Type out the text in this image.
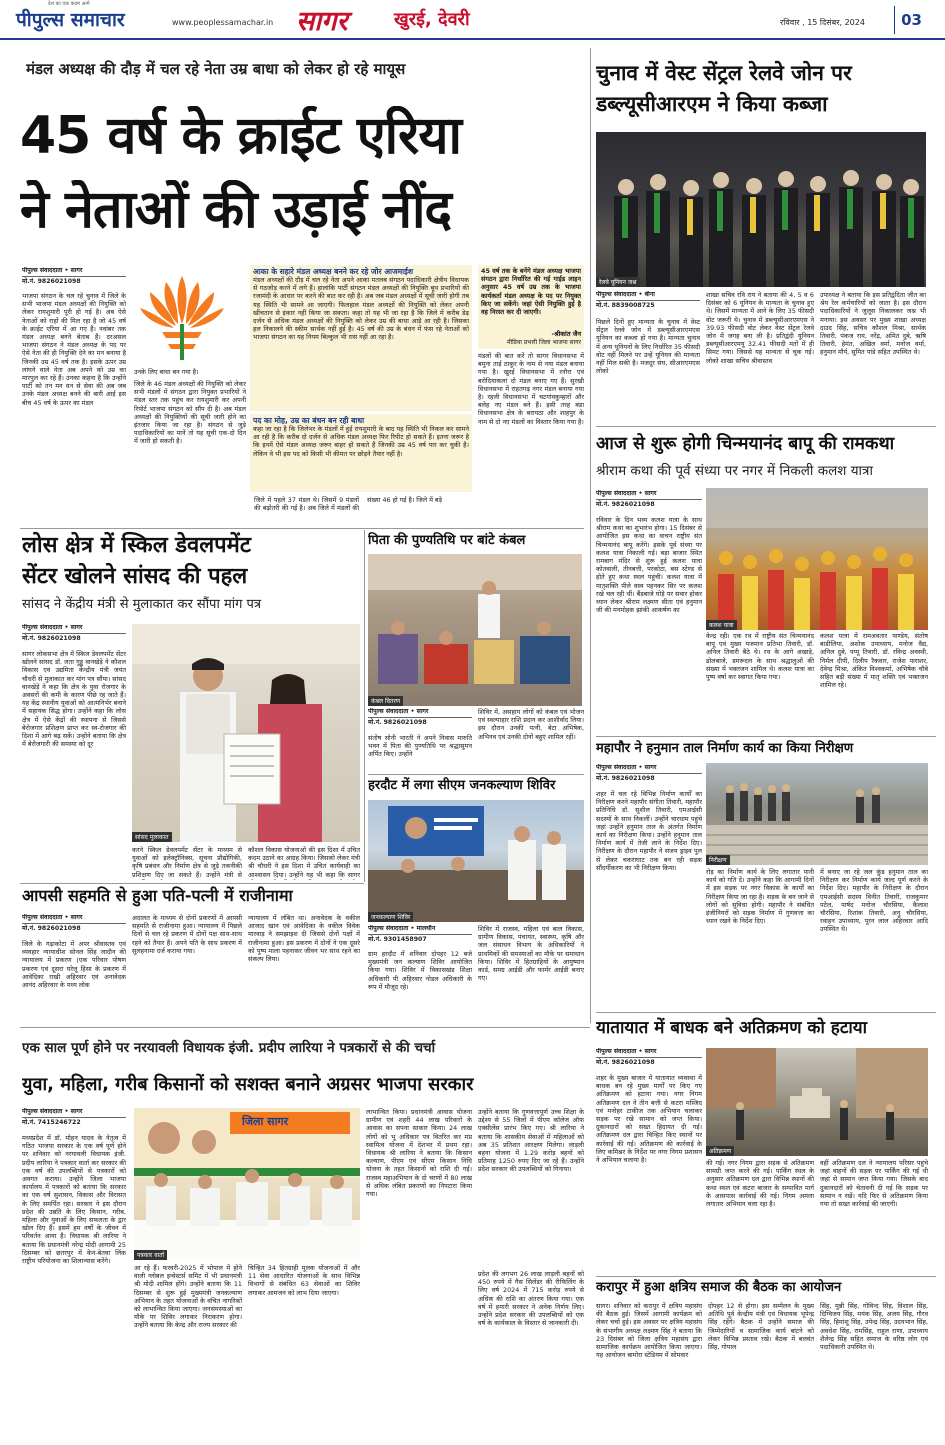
देश का एक कदम आगे
पीपुल्स समाचार	www.peoplessamachar.in सागर	खुरई, देवरी	रविवार , 15 दिसंबर, 2024	03
मंडल अध्यक्ष की दौड़ में चल रहे नेता उम्र बाधा को लेकर हो रहे मायूस
45 वर्ष के क्राईट एरिया
ने नेताओं की उड़ाई नींद
पीपुल्स संवाददाता • सागर
मो.नं. 9826021098
भाजपा संगठन के चल रहे चुनाव में जिले के सभी भाजपा मंडल अध्यक्षों की नियुक्ति को लेकर रायशुमारी पूरी हो गई है। अब ऐसे नेताओं को राहों की मिल रहा है जो 45 वर्ष के क्राईट एरिया में आ गए हैं। नवांबर तक मंडल अध्यक्ष बनने बेताब हैं। दरअसल भाजपा संगठन ने मंडल अध्यक्ष के पद पर ऐसे नेता की ही नियुक्ति देने का मन बनाया है जिनकी उम्र 45 वर्ष तक है। इसके ऊपर उम्र लांघने वाले नेता अब अपने को उम्र का मारपुल कर रहे हैं। उनका कहना है कि उन्होंने पार्टी को तन मन धन से सेवा की अब जब उनके मंडल अध्यक्ष बनने की बारी आई इस बीच 45 वर्ष के ऊपर का मंडल
उनके लिए बाधा बन गया है।
जिले के 46 मंडल अध्यक्षों की नियुक्ति को लेकर सभी मंडलों में संगठन द्वारा नियुक्त प्रभारियों ने मंडल स्तर तक पहुंच कर रायशुमारी कर अपनी रिपोर्ट भाजपा संगठन को सौंप दी है। अब मंडल अध्यक्षों की नियुक्तियों की सूची जारी होने का इंतजार किया जा रहा है। संगठन से जुड़े पदाधिकारियों का मानें तो यह सूची एक-दो दिन में जारी हो सकती है।
आका के सहारे मंडल अध्यक्ष बनने कर रहे जोर आजमाईश
मंडल अध्यक्षों की दौड़ में चल रहे नेता अपने आका मतलब संगठन पदाधिकारी क्षेत्रीय विधायक से गठजोड़ करने में लगे हैं। हालांकि पार्टी संगठन मंडल अध्यक्षों की नियुक्ति बूथ प्रभारियों की रजामंदी के आधार पर करने की बात कर रही है। अब जब मंडल अध्यक्षों में सूची जारी होगी तब यह स्थिति भी सामने आ जाएगी। फिलहाल मंडल अध्यक्षों की नियुक्ति को लेकर अपनी खींचतान से इंकार नहीं किया जा सकता। कहा तो यह भी जा रहा है कि जिले में करीब डेढ़ दर्जन से अधिक मंडल अध्यक्षों की नियुक्ति को लेकर उम्र की बाधा आड़े आ रही है। जिसका हल निकालने की स्कीम सार्थक नहीं हुई है। 45 वर्ष की उम्र के बंधन में फंस रहे नेताओं को भाजपा संगठन का यह नियम बिल्कुल भी रास नहीं आ रहा है।
पद का मोह, उम्र का बंधन बन रही बाधा
कहा जा रहा है कि जिलेभर के मंडलों में हुई रायशुमारी के बाद यह स्थिति भी निकल कर सामने आ रही है कि करीब दो दर्जन से अधिक मंडल अध्यक्ष फिर रिपीट हो सकते हैं। इतना जरूर है कि इनमें ऐसे मंडल अध्यक्ष जरूर बाहर हो सकते हैं जिनकी उम्र 45 वर्ष पार कर चुकी है। लेकिन वे भी इस पद को किसी भी कीमत पर छोड़ने तैयार नहीं है।
जिले में पहले 37 मंडल थे। जिसमें 9 मंडलों की बढ़ोतरी की गई है। अब जिले में मंडलों की संख्या 46 हो गई है। जिले में बड़े
45 वर्ष तक के बनेंगे मंडल अध्यक्ष भाजपा संगठन द्वारा निर्धारित की गई गाईड लाइन अनुसार 45 वर्ष उम्र तक के भाजपा कार्यकर्ता मंडल अध्यक्ष के पद पर नियुक्त किए जा सकेंगे। जहां ऐसी नियुक्ति हुई है वह निरस्त कर दी जाएगी।
-श्रीकांत जैन
मीडिया प्रभारी जिला भाजपा सागर
मंडलों की बात करें तो सागर विधानसभा में बमुना ताई ठाकुर के नाम से नया मंडल बनाया गया है। खुरई विधानसभा में रनौरा एवं बरोदियाकलां दो मंडल बनाए गए हैं। सुरखी विधानसभा में राहतगढ़ नगर मंडल बनाया गया है। रहली विधानसभा में चटगांवकुम्हारों और बलेह नए मंडल बने हैं। इसी तरह बंडा विधानसभा क्षेत्र के बरायठा और शाहपुर के नाम से दो नए मंडलों का विस्तार किया गया है।
चुनाव में वेस्ट सेंट्रल रेलवे जोन पर डब्ल्यूसीआरएम ने किया कब्जा
रेलवे यूनियन जश्न
पीपुल्स संवाददाता • बीना
मो.नं. 8839008725
पिछले दिनों हुए मान्यता के चुनाव में वेस्ट सेंट्रल रेलवे जोन में डब्ल्यूसीआरएमएस यूनियन का कब्जा हो गया है। मान्यता चुनाव में अन्य यूनियनों के लिए निर्धारित 35 फीसदी वोट नहीं मिलने पर उन्हें यूनियन की मान्यता नहीं मिल सकी है। मजदूर संघ, सीआरएमएस लोको
शाखा सचिव रवि राय ने बताया की 4, 5 व 6 दिसंबर को 6 यूनियन के मान्यता के चुनाव हुए थे। जिसमें मान्यता में आने के लिए 35 फीसदी वोट जरूरी थे। चुनाव में डब्ल्यूसीआरएमएस ने 39.93 फीसदी वोट लेकर वेस्ट सेंट्रल रेलवे जोन में जगह बना ली है। प्रतिद्वंदी यूनियन डब्ल्यूसीआरएमयू 32.41 फीसदी मतों में ही सिमट गया। जिससे यह मान्यता से चूक गई। लोको शाखा सचिव श्रीवास्तव
उपाध्यक्ष ने बताया कि इस प्रतिद्वंदिता जीत का श्रेय रेल कर्मचारियों को जाता है। इस दौरान पदाधिकारियों ने जुलूस निकालकर जश्न भी मनाया। इस अवसर पर मुख्य शाखा अध्यक्ष दाउद सिंह, सचिव कौशल मिश्रा, सार्थक तिवारी, पंकज राय, नरेंद्र, अमित दुबे, ऋषि तिवारी, हेमंत, अखिल वर्मा, मनोज वर्मा, हनुमान मौर्य, सुमित पांडे सहित उपस्थित थे।
आज से शुरू होगी चिन्मयानंद बापू की रामकथा
श्रीराम कथा की पूर्व संध्या पर नगर में निकली कलश यात्रा
पीपुल्स संवाददाता • सागर
मो.नं. 9826021098
रविवार के दिन भव्य कलश यात्रा के साथ श्रीराम कथा का शुभारंभ होगा। 15 दिसंबर से आयोजित इस कथा का वाचन राष्ट्रीय संत चिन्मयानंद बापू करेंगे। इसके पूर्व संध्या पर कलश यात्रा निकाली गई। बड़ा बाजार स्थित रामबाग मंदिर से शुरू हुई कलश यात्रा कोतवाली, तीनबत्ती, परकोटा, बस स्टेण्ड से होते हुए कथा स्थल पहुंची। कलश यात्रा में मातृशक्ति पीले वस्त्र पहनकर सिर पर कलश रखे चल रही थीं। बैंडबाजे घोड़े पर सवार होकर ध्यान लेकर श्रीराम लक्ष्मण सीता एवं हनुमान जी की मनमोहक झांकी आकर्षण का
कलश यात्रा
केन्द्र रही। एक रथ में राष्ट्रीय संत चिन्मयानंद बापू एवं मुख्य यजमान प्रतिभा तिवारी, डॉ. अनिल तिवारी बैठे थे। रथ के आगे अखाड़े, ढोलबाजे, डमरूदल के साथ श्रद्धालुओं की संख्या में भक्तजन शामिल थे। कलश यात्रा का पुष्प वर्षा कर स्वागत किया गया।
कलश यात्रा में रामअवतार पाण्डेय, संतोष बाडीलिया, अशोक उपाध्याय, मनोज वैद्य, अनिल दुबे, पप्पू तिवारी, डॉ. रविन्द्र अवस्थी, निर्मल दीपी, दिलीप रैकवार, राजेश पाराशर, देवेन्द्र मिश्रा, अंकित विश्वकर्मा, अभिषेक चौबे सहित बड़ी संख्या में मातृ शक्ति एवं भक्तजन शामिल रहे।
महापौर ने हनुमान ताल निर्माण कार्य का किया निरीक्षण
पीपुल्स संवाददाता • सागर
मो.नं. 9826021098
शहर में चल रहे विभिन्न निर्माण कार्यों का निरीक्षण करने महापौर संगीता तिवारी, महापौर प्रतिनिधि डॉ. सुशील तिवारी, एमआईसी सदस्यों के साथ निकलीं। उन्होंने चारधाम पहुंचे जहां उन्होंने हनुमान ताल के अंतर्गत निर्माण कार्य का निरीक्षण किया। उन्होंने हनुमान ताल निर्माण कार्य में तेजी लाने के निर्देश दिए। निरीक्षण के दौरान महापौर ने संजय ड्राइव पुल से लेकर चकराघाट तक बन रही सड़क सौंदर्यीकरण का भी निरीक्षण किया।
निरीक्षण
रोड़ का निर्माण कार्य के लिए लगातार पानी कार्य को गति दें। उन्होंने कहा कि आगामी दिनों में इस सड़क पर नगर विकास के कार्यों का निरीक्षण किया जा रहा है। सड़क के बन जाने से लोगों को सुविधा होगी। महापौर ने संबंधित इंजीनियरों को सड़क निर्माण में गुणवत्ता का ध्यान रखने के निर्देश दिए।
में बनाए जा रहे जल कुंड हनुमान ताल का निरीक्षण कर निर्माण कार्य जल्द पूर्ण करने के निर्देश दिए। महापौर के निरीक्षण के दौरान एमआईसी सदस्य विनीत तिवारी, राजकुमार पटेल, पार्षद मनोज चौरसिया, कैलाश चौरसिया, रिशांक तिवारी, अनु चौरसिया, रवाहन उपाध्याय, पूरन लाल अहिरवार आदि उपस्थित थे।
यातायात में बाधक बने अतिक्रमण को हटाया
पीपुल्स संवाददाता • सागर
मो.नं. 9826021098
शहर के मुख्य बाजार में यातायात व्यवस्था में बाधक बन रहे मुख्य मार्गों पर किए गए अतिक्रमण को हटाया गया। नगर निगम अतिक्रमण दल ने तीन बत्ती से कटरा मस्जिद एवं मनोहर टाकीज तक अभियान चलाकर सड़क पर रखे सामान को जप्त किया। दुकानदारों को सख्त हिदायत दी गई। अतिक्रमण दल द्वारा चिन्हित किए स्थानों पर कार्रवाई की गई। अतिक्रमण की कार्रवाई के लिए कमिश्नर के निर्देश पर नगर निगम प्रशासन ने अभियान चलाया है।
अतिक्रमण
की गई। नगर निगम द्वारा सड़क से अतिक्रमण सामग्री जप्त करने की गई। पार्किंग स्थल के अनुसार अतिक्रमण दल द्वारा विभिन्न स्थानों की कथा स्थल एवं कटरा बाजार के सम्पावित मार्ग के आसपास कार्रवाई की गई। निगम अमला लगातार अभियान चला रहा है।
वहीं अतिक्रमण दल ने न्यायालय परिसर पहुंचे जहां वाहनों की सड़क पर पार्किंग की गई थी जहां से सामान जप्त किया गया। जिसके बाद दुकानदारों को चेतावनी दी गई कि सड़क पर सामान न रखें। यदि फिर से अतिक्रमण किया गया तो सख्त कार्रवाई की जाएगी।
करापुर में हुआ क्षत्रिय समाज की बैठक का आयोजन
सागर। शनिवार को करापुर में क्षत्रिय महासंघ की बैठक हुई। जिसमें आगामी कार्यक्रम को लेकर चर्चा हुई। इस अवसर पर क्षत्रिय महासंघ के संभागीय अध्यक्ष लक्ष्मण सिंह ने बताया कि 23 दिसंबर को जिला क्षत्रिय महासंघ द्वारा सामाजिक कार्यक्रम आयोजित किया जाएगा। यह आयोजन बामोरा स्टेडियम में सोमवार
दोपहर 12 से होगा। इस सम्मेलन के मुख्य अतिथि पूर्व केन्द्रीय मंत्री एवं विधायक भूपेन्द्र सिंह रहेंगे। बैठक में उन्होंने समाज की जिम्मेदारियों व सामाजिक कार्य बांटने को लेकर विभिन्न प्रस्ताव रखे। बैठक में बलवंत सिंह, गोपाल
सिंह, मुन्नी सिंह, गोविन्द सिंह, विशाल सिंह, दिग्विजय सिंह, मयंक सिंह, अजय सिंह, गौरव सिंह, हिमांशु सिंह, उपेन्द्र सिंह, उदयभान सिंह, अवधेश सिंह, रामसिंह, राहुल राणा, उपाध्याय शैलेन्द्र सिंह सहित समाज के वरिष्ठ लोग एवं पदाधिकारी उपस्थित थे।
लोस क्षेत्र में स्किल डेवलपमेंट
सेंटर खोलने सांसद की पहल
सांसद ने केंद्रीय मंत्री से मुलाकात कर सौंपा मांग पत्र
पीपुल्स संवाददाता • सागर
मो.नं. 9826021098
सागर लोकसभा क्षेत्र में स्किल डेवलपमेंट सेंटर खोलने सांसद डॉ. लता गुड्डू वानखेड़े ने कौशल विकास एवं उद्यमिता केन्द्रीय मंत्री जयंत चौधरी से मुलाकात कर मांग पत्र सौंपा। सांसद वानखेड़े ने कहा कि क्षेत्र के युवा रोजगार के अवसरों की कमी के कारण पीछे रह जाते हैं। यह केंद्र स्थानीय युवाओं को आत्मनिर्भर बनाने में सहायक सिद्ध होगा। उन्होंने कहा कि लोस क्षेत्र में ऐसे केंद्रों की स्थापना से जिससे बेरोजगार प्रशिक्षण प्राप्त कर स्व-रोजगार की दिशा में आगे बढ़ सकें। उन्होंने बताया कि क्षेत्र में बेरोजगारी की समस्या को दूर
सांसद मुलाकात
करने स्किल डेवलपमेंट सेंटर के माध्यम से युवाओं को इलेक्ट्रॉनिक्स, सूचना प्रौद्योगिकी, कृषि प्रबंधन और निर्माण क्षेत्र से जुड़े तकनीकी प्रशिक्षण दिए जा सकते हैं। उन्होंने मंत्री से
कौशल विकास योजनाओं की इस दिशा में उचित कदम उठाने का आग्रह किया। जिसको लेकर मंत्री श्री चौधरी ने इस दिशा में उचित कार्यवाही का आश्वासन दिया। उन्होंने यह भी कहा कि सागर
पिता की पुण्यतिथि पर बांटे कंबल
कंबल वितरण
पीपुल्स संवाददाता • सागर
मो.नं. 9826021098
संतोष सोनी भारती ने अपने निवास मारुति भवन में पिता की पुण्यतिथि पर श्रद्धासुमन अर्पित किए। उन्होंने
शिविर में, असहाय लोगों को कंबल एवं भोजन एवं स्वल्पाहार राशि प्रदान कर आशीर्वाद लिया। इस दौरान उनकी पत्नी, बेटा अभिषेक, अभिनव एवं उनकी दोनों बहुएं शामिल रहीं।
हरदौट में लगा सीएम जनकल्याण शिविर
जनकल्याण शिविर
पीपुल्स संवाददाता • मालथौन
मो.नं. 9301458907
ग्राम हरदौट में शनिवार दोपहर 12 बजे मुख्यमंत्री जन कल्याण शिविर आयोजित किया गया। शिविर में विकासखंड शिक्षा अधिकारी पी अहिरवार नोडल अधिकारी के रूप में मौजूद रहे।
शिविर में राजस्व, महिला एवं बाल विकास, ग्रामीण विकास, पंचायत, स्वास्थ्य, कृषि और जल संसाधन विभाग के अधिकारियों ने प्राथमिकों की समस्याओं का मौके पर समाधान किया। शिविर में हितग्राहियों के आयुष्मान कार्ड, समग्र आईडी और फार्मर आईडी बनाए गए।
आपसी सहमति से हुआ पति-पत्नी में राजीनामा
पीपुल्स संवाददाता • सागर
मो.नं. 9826021098
जिले के गढ़ाकोटा में अपर श्रीवास्तव एवं व्यवहार न्यायाधीश सोनल सिंह जादौन की न्यायालय में प्रकरण (एक परिवार पोषण प्रकरण एवं दूसरा घरेलू हिंसा के प्रकरण में आवेदिका राखी अहिरवार एवं अनावेदक आनंद अहिरवार के मध्य लोक
अदालत के माध्यम से दोनों प्रकरणों में आपसी सहमति से राजीनामा हुआ। न्यायालय में पिछले दिनों से चल रहे प्रकरण में दोनों पक्ष साथ-साथ रहने को तैयार हैं। अपने पति के साथ प्रकरण में सुलहनामा दर्ज कराया गया।
न्यायालय में लंबित था। अनावेदक के वकील आजाद खान एवं आवेदिका के वकील विवेक मारवाड़ ने समझाइश दी जिससे दोनों पक्षों में राजीनामा हुआ। इस प्रकरण में दोनों ने एक दूसरे को पुष्प माला पहनाकर जीवन भर साथ रहने का संकल्प लिया।
एक साल पूर्ण होने पर नरयावली विधायक इंजी. प्रदीप लारिया ने पत्रकारों से की चर्चा
युवा, महिला, गरीब किसानों को सशक्त बनाने अग्रसर भाजपा सरकार
पीपुल्स संवाददाता • सागर
मो.नं. 7415246722
मध्यप्रदेश में डॉ. मोहन यादव के नेतृत्व में गठित भाजपा सरकार के एक वर्ष पूर्ण होने पर शनिवार को नरयावली विधायक इंजी. प्रदीप लारिया ने पत्रकार वार्ता कर सरकार की एक वर्ष की उपलब्धियों से पत्रकारों को अवगत कराया। उन्होंने जिला भाजपा कार्यालय में पत्रकारों को बताया कि सरकार का एक वर्ष सुशासन, विकास और विरासत के लिए समर्पित रहा। सरकार ने इस दौरान प्रदेश की उन्नति के लिए किसान, गरीब, महिला और युवाओं के लिए सफलता के द्वार खोल दिए हैं। इसमें हम वर्षों के जीवन में परिवर्तन आया है। विधायक श्री लारिया ने बताया कि प्रधानमंत्री नरेन्द्र मोदी आगामी 25 दिसम्बर को छतरपुर में केन-बेतवा लिंक राष्ट्रीय परियोजना का शिलान्यास करेंगे।
जिला सागर
पत्रकार वार्ता
आ रहे हैं। फरवरी-2025 में भोपाल में होने वाली ग्लोबल इन्वेस्टर्स समिट में भी प्रधानमंत्री श्री मोदी शामिल होंगे। उन्होंने बताया कि 11 दिसम्बर से शुरू हुई मुख्यमंत्री जनकल्याण अभियान के तहत योजनाओं के वंचित नागरिकों को लाभान्वित किया जाएगा। जनसमस्याओं का मौके पर शिविर लगाकर निराकरण होगा। उन्होंने बताया कि केन्द्र और राज्य सरकार की
चिन्हित 34 हितग्राही मूलक योजनाओं में और 11 सेवा आधारित योजनाओं के साथ विभिन्न विभागों से संबंधित 63 सेवाओं का शिविर लगाकर आमजन को लाभ दिया जाएगा।
लाभान्वित किया। प्रधानमंत्री आवास योजना ग्रामीण एवं शहरी 44 लाख परिवारों के आवास का सपना साकार किया। 24 लाख लोगों को भू अधिकार पत्र वितरित कर मप्र स्वामित्व योजना में देशभर में प्रथम रहा। विधायक श्री लारिया ने बताया कि किसान कल्याण, पीएम एवं सीएम किसान निधि योजना के तहत किसानों को राशि दी गई। राजस्व महाअभियान के दो चरणों में 80 लाख से अधिक लंबित प्रकरणों का निपटारा किया गया।
उन्होंने बताया कि गुणवत्तापूर्ण उच्च शिक्षा के उद्देश्य से 55 जिलों में पीएम कॉलेज ऑफ एक्सीलेंस प्रारंभ किए गए। श्री लारिया ने बताया कि शासकीय सेवाओं में महिलाओं को अब 35 प्रतिशत आरक्षण मिलेगा। लाड़ली बहना योजना में 1.29 करोड़ बहनों को प्रतिमाह 1250 रुपए दिए जा रहे हैं। उन्होंने प्रदेश सरकार की उपलब्धियों को गिनाया।
प्रदेश की लगभग 26 लाख लाड़ली बहनों को 450 रुपये में गैस सिलेंडर की रीफिलिंग के लिए वर्ष 2024 में 715 करोड़ रुपये से अधिक की राशि का अंतरण किया गया। एक वर्ष में हमारी सरकार ने अनेक निर्णय लिए। उन्होंने प्रदेश सरकार की उपलब्धियों को एक वर्ष के कार्यकाल के विस्तार से जानकारी दी।
